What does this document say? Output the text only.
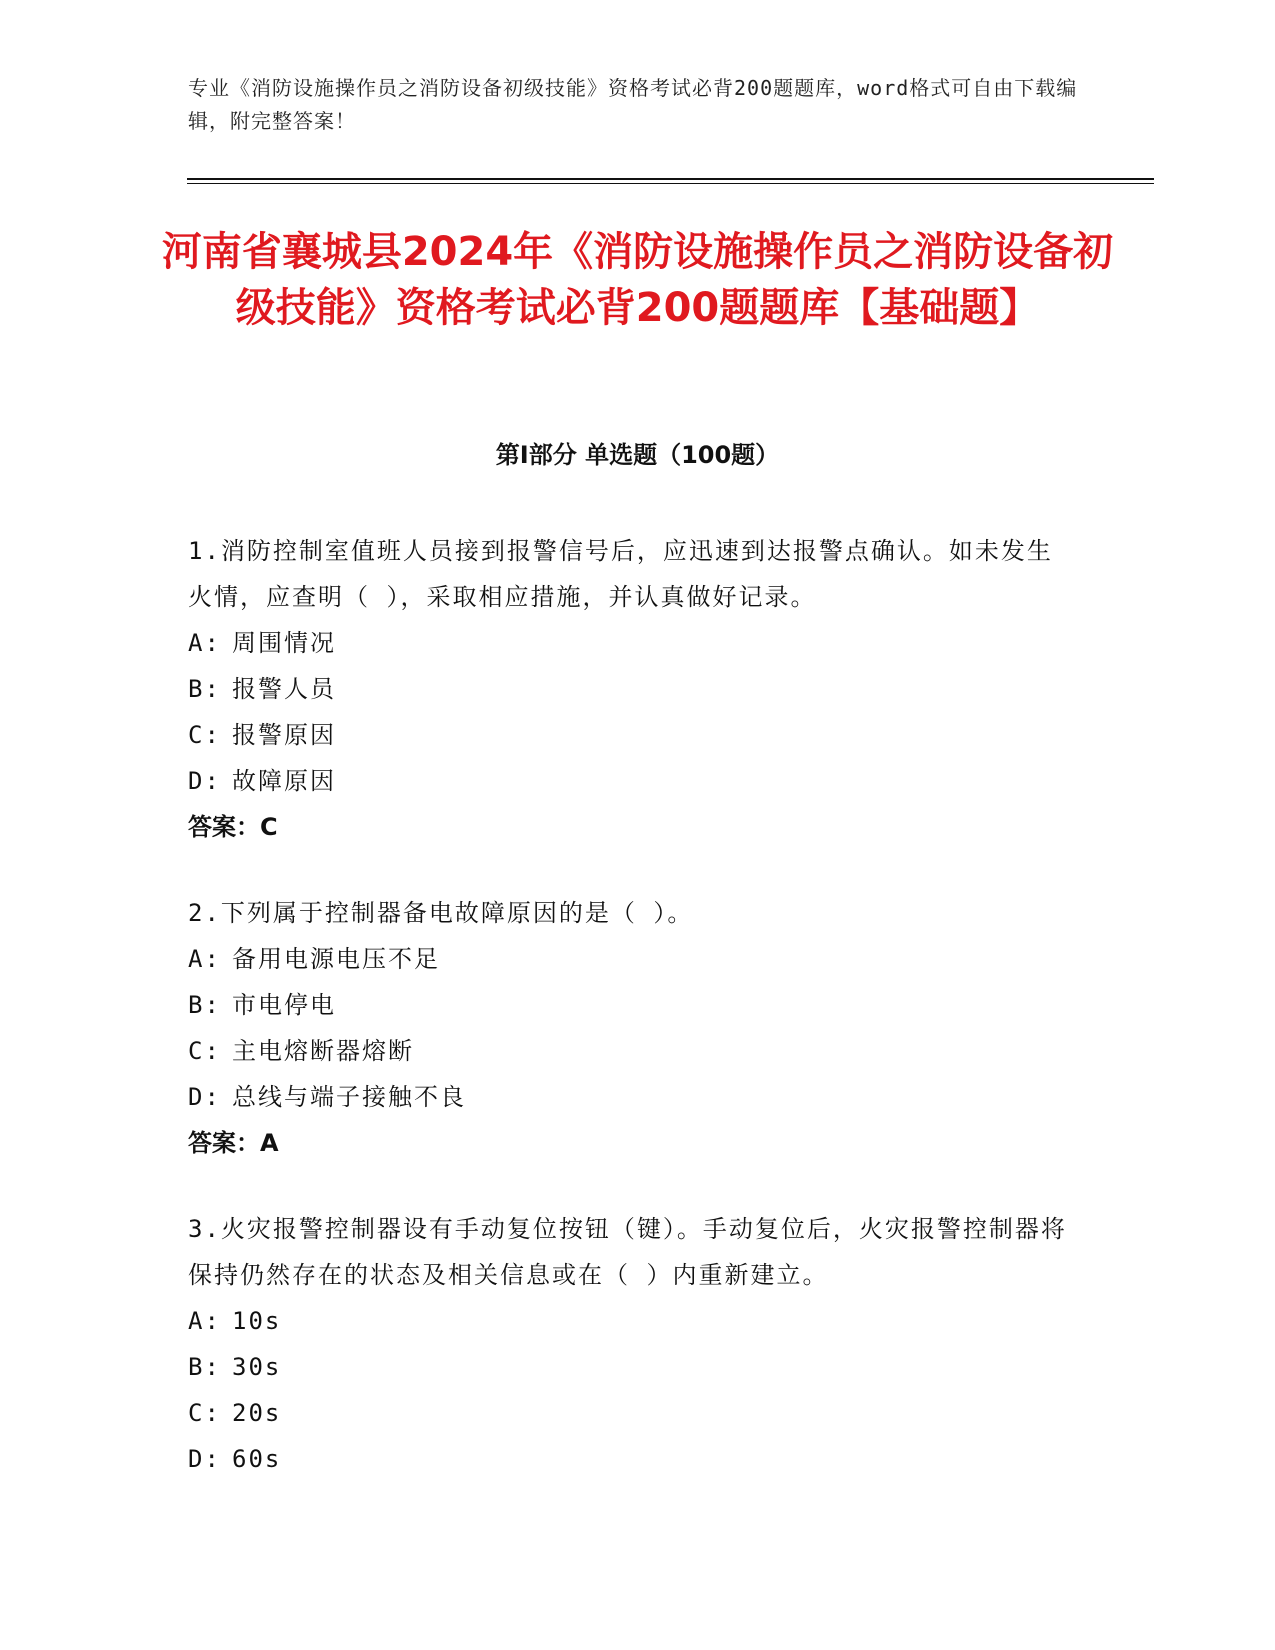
专业《消防设施操作员之消防设备初级技能》资格考试必背200题题库，word格式可自由下载编辑，附完整答案！
河南省襄城县2024年《消防设施操作员之消防设备初级技能》资格考试必背200题题库【基础题】
第I部分 单选题（100题）
1.消防控制室值班人员接到报警信号后，应迅速到达报警点确认。如未发生火情，应查明（ ），采取相应措施，并认真做好记录。
A: 周围情况
B: 报警人员
C: 报警原因
D: 故障原因
答案：C
2.下列属于控制器备电故障原因的是（ ）。
A: 备用电源电压不足
B: 市电停电
C: 主电熔断器熔断
D: 总线与端子接触不良
答案：A
3.火灾报警控制器设有手动复位按钮（键）。手动复位后，火灾报警控制器将保持仍然存在的状态及相关信息或在（ ）内重新建立。
A: 10s
B: 30s
C: 20s
D: 60s
